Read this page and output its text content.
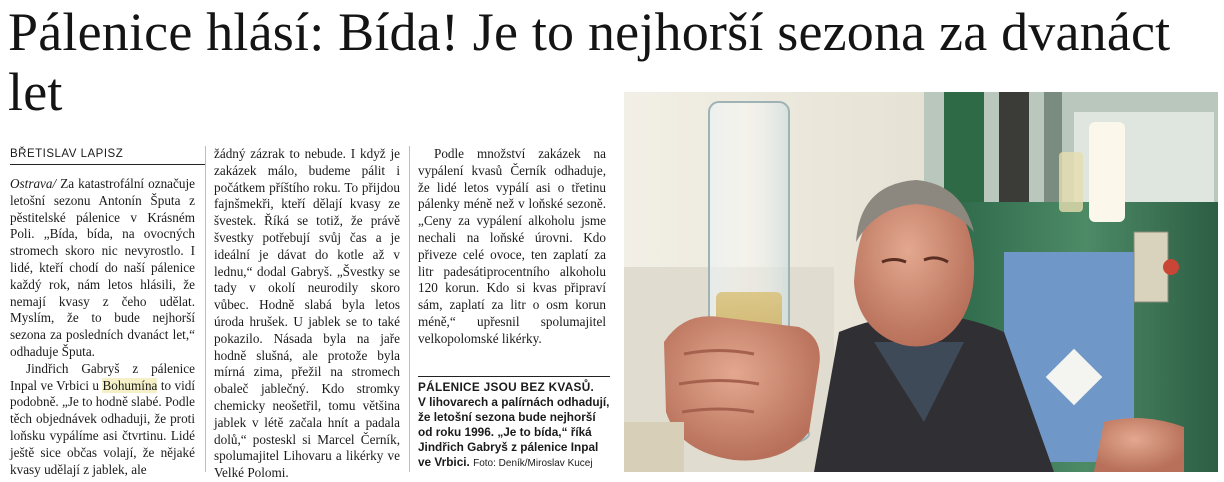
Pálenice hlásí: Bída! Je to nejhorší sezona za dvanáct let
BŘETISLAV LAPISZ

Ostrava/ Za katastrofální označuje letošní sezonu Antonín Šputa z pěstitelské pálenice v Krásném Poli. „Bída, bída, na ovocných stromech skoro nic nevyrostlo. I lidé, kteří chodí do naší pálenice každý rok, nám letos hlásili, že nemají kvasy z čeho udělat. Myslím, že to bude nejhorší sezona za posledních dvanáct let,“ odhaduje Šputa.

Jindřich Gabryš z pálenice Inpal ve Vrbici u Bohumína to vidí podobně. „Je to hodně slabé. Podle těch objednávek odhaduji, že proti loňsku vypálíme asi čtvrtinu. Lidé ještě sice občas volají, že nějaké kvasy udělají z jablek, ale

žádný zázrak to nebude. I když je zakázek málo, budeme pálit i počátkem příštího roku. To přijdou fajnšmekři, kteří dělají kvasy ze švestek. Říká se totiž, že právě švestky potřebují svůj čas a je ideální je dávat do kotle až v lednu,“ dodal Gabryš. „Švestky se tady v okolí neurodily skoro vůbec. Hodně slabá byla letos úroda hrušek. U jablek se to také pokazilo. Násada byla na jaře hodně slušná, ale protože byla mírná zima, přežil na stromech obaleč jablečný. Kdo stromky chemicky neošetřil, tomu většina jablek v létě začala hnít a padala dolů,“ posteskl si Marcel Černík, spolumajitel Lihovaru a likérky ve Velké Polomi.

Podle množství zakázek na vypálení kvasů Černík odhaduje, že lidé letos vypálí asi o třetinu pálenky méně než v loňské sezoně. „Ceny za vypálení alkoholu jsme nechali na loňské úrovni. Kdo přiveze celé ovoce, ten zaplatí za litr padesátiprocentního alkoholu 120 korun. Kdo si kvas připraví sám, zaplatí za litr o osm korun méně,“ upřesnil spolumajitel velkopolomské likérky.

PÁLENICE JSOU BEZ KVASŮ.
V lihovarech a palírnách odhadují, že letošní sezona bude nejhorší od roku 1996. „Je to bída,“ říká Jindřich Gabryš z pálenice Inpal ve Vrbici. Foto: Deník/Miroslav Kucej
